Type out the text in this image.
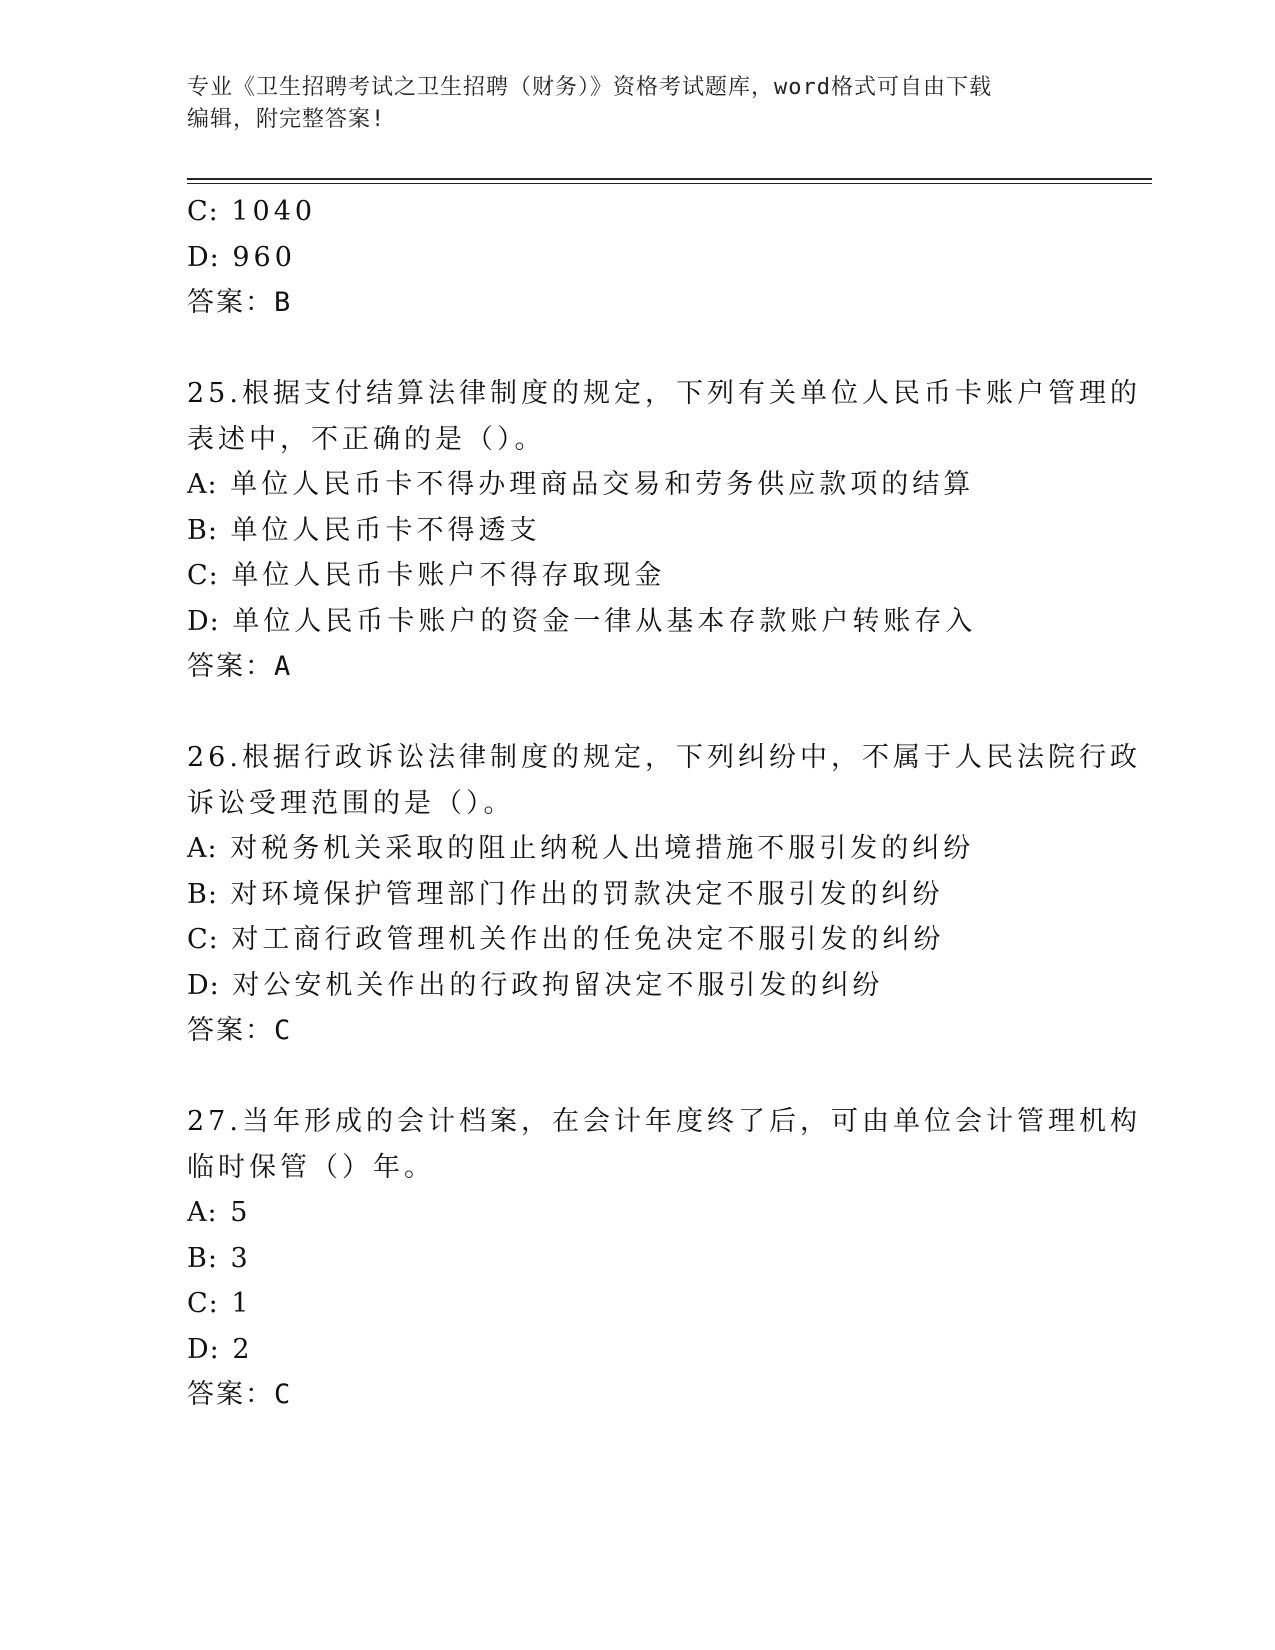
专业《卫生招聘考试之卫生招聘（财务）》资格考试题库，word格式可自由下载
编辑，附完整答案!
C: 1040
D: 960
答案：B
25.根据支付结算法律制度的规定，下列有关单位人民币卡账户管理的
表述中，不正确的是（）。
A: 单位人民币卡不得办理商品交易和劳务供应款项的结算
B: 单位人民币卡不得透支
C: 单位人民币卡账户不得存取现金
D: 单位人民币卡账户的资金一律从基本存款账户转账存入
答案：A
26.根据行政诉讼法律制度的规定，下列纠纷中，不属于人民法院行政
诉讼受理范围的是（）。
A: 对税务机关采取的阻止纳税人出境措施不服引发的纠纷
B: 对环境保护管理部门作出的罚款决定不服引发的纠纷
C: 对工商行政管理机关作出的任免决定不服引发的纠纷
D: 对公安机关作出的行政拘留决定不服引发的纠纷
答案：C
27.当年形成的会计档案，在会计年度终了后，可由单位会计管理机构
临时保管（）年。
A: 5
B: 3
C: 1
D: 2
答案：C
